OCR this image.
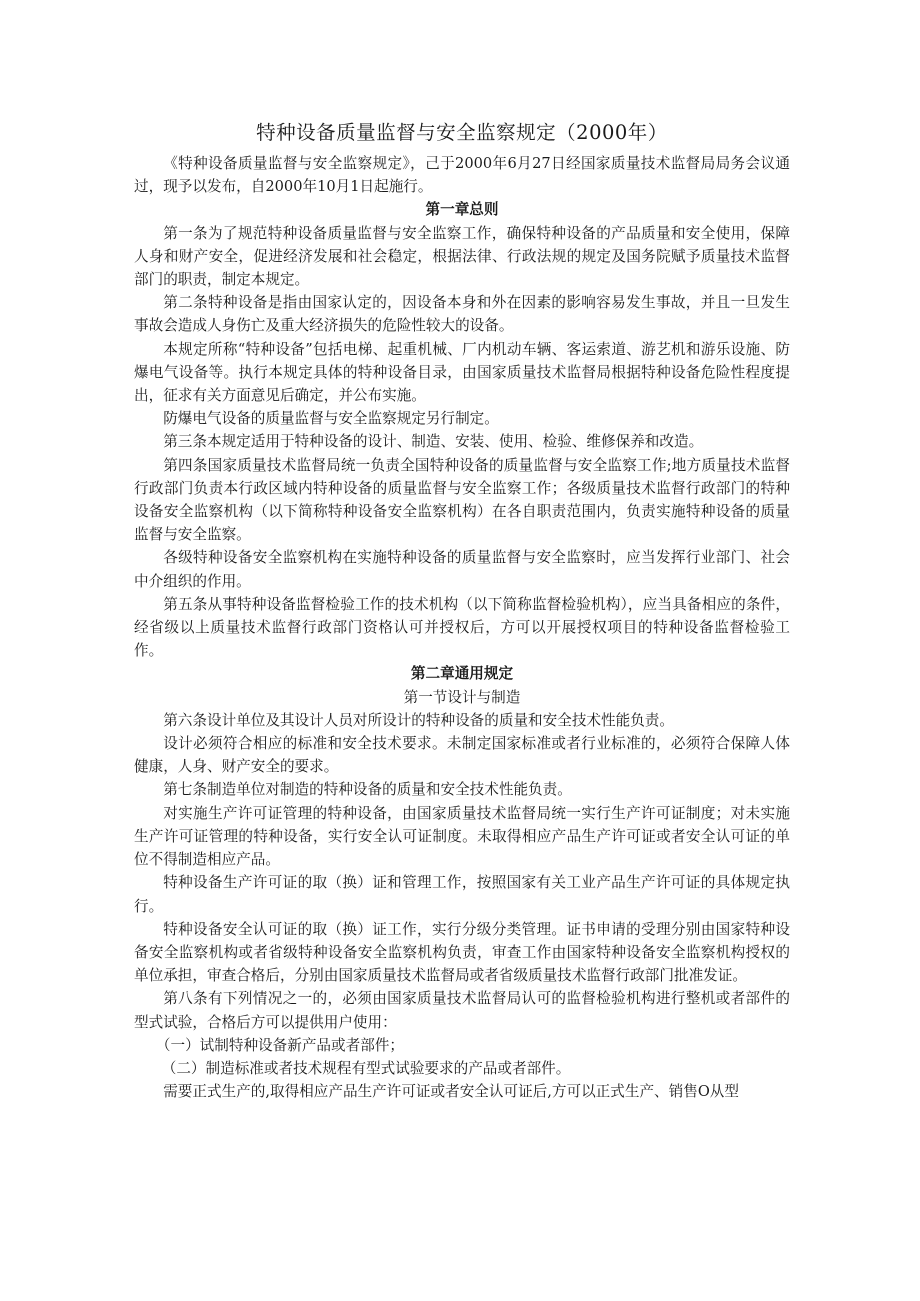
特种设备质量监督与安全监察规定（2000年）

《特种设备质量监督与安全监察规定》，己于2000年6月27日经国家质量技术监督局局务会议通过，现予以发布，自2000年10月1日起施行。

第一章总则

第一条为了规范特种设备质量监督与安全监察工作，确保特种设备的产品质量和安全使用，保障人身和财产安全，促进经济发展和社会稳定，根据法律、行政法规的规定及国务院赋予质量技术监督部门的职责，制定本规定。

第二条特种设备是指由国家认定的，因设备本身和外在因素的影响容易发生事故，并且一旦发生事故会造成人身伤亡及重大经济损失的危险性较大的设备。

本规定所称“特种设备”包括电梯、起重机械、厂内机动车辆、客运索道、游艺机和游乐设施、防爆电气设备等。执行本规定具体的特种设备目录，由国家质量技术监督局根据特种设备危险性程度提出，征求有关方面意见后确定，并公布实施。

防爆电气设备的质量监督与安全监察规定另行制定。

第三条本规定适用于特种设备的设计、制造、安装、使用、检验、维修保养和改造。

第四条国家质量技术监督局统一负责全国特种设备的质量监督与安全监察工作;地方质量技术监督行政部门负责本行政区域内特种设备的质量监督与安全监察工作；各级质量技术监督行政部门的特种设备安全监察机构（以下简称特种设备安全监察机构）在各自职责范围内，负责实施特种设备的质量监督与安全监察。

各级特种设备安全监察机构在实施特种设备的质量监督与安全监察时，应当发挥行业部门、社会中介组织的作用。

第五条从事特种设备监督检验工作的技术机构（以下简称监督检验机构），应当具备相应的条件，经省级以上质量技术监督行政部门资格认可并授权后，方可以开展授权项目的特种设备监督检验工作。

第二章通用规定

第一节设计与制造

第六条设计单位及其设计人员对所设计的特种设备的质量和安全技术性能负责。

设计必须符合相应的标准和安全技术要求。未制定国家标准或者行业标准的，必须符合保障人体健康，人身、财产安全的要求。

第七条制造单位对制造的特种设备的质量和安全技术性能负责。

对实施生产许可证管理的特种设备，由国家质量技术监督局统一实行生产许可证制度；对未实施生产许可证管理的特种设备，实行安全认可证制度。未取得相应产品生产许可证或者安全认可证的单位不得制造相应产品。

特种设备生产许可证的取（换）证和管理工作，按照国家有关工业产品生产许可证的具体规定执行。

特种设备安全认可证的取（换）证工作，实行分级分类管理。证书申请的受理分别由国家特种设备安全监察机构或者省级特种设备安全监察机构负责，审查工作由国家特种设备安全监察机构授权的单位承担，审查合格后，分别由国家质量技术监督局或者省级质量技术监督行政部门批准发证。

第八条有下列情况之一的，必须由国家质量技术监督局认可的监督检验机构进行整机或者部件的型式试验，合格后方可以提供用户使用：

（一）试制特种设备新产品或者部件；

（二）制造标准或者技术规程有型式试验要求的产品或者部件。

需要正式生产的,取得相应产品生产许可证或者安全认可证后,方可以正式生产、销售O从型
